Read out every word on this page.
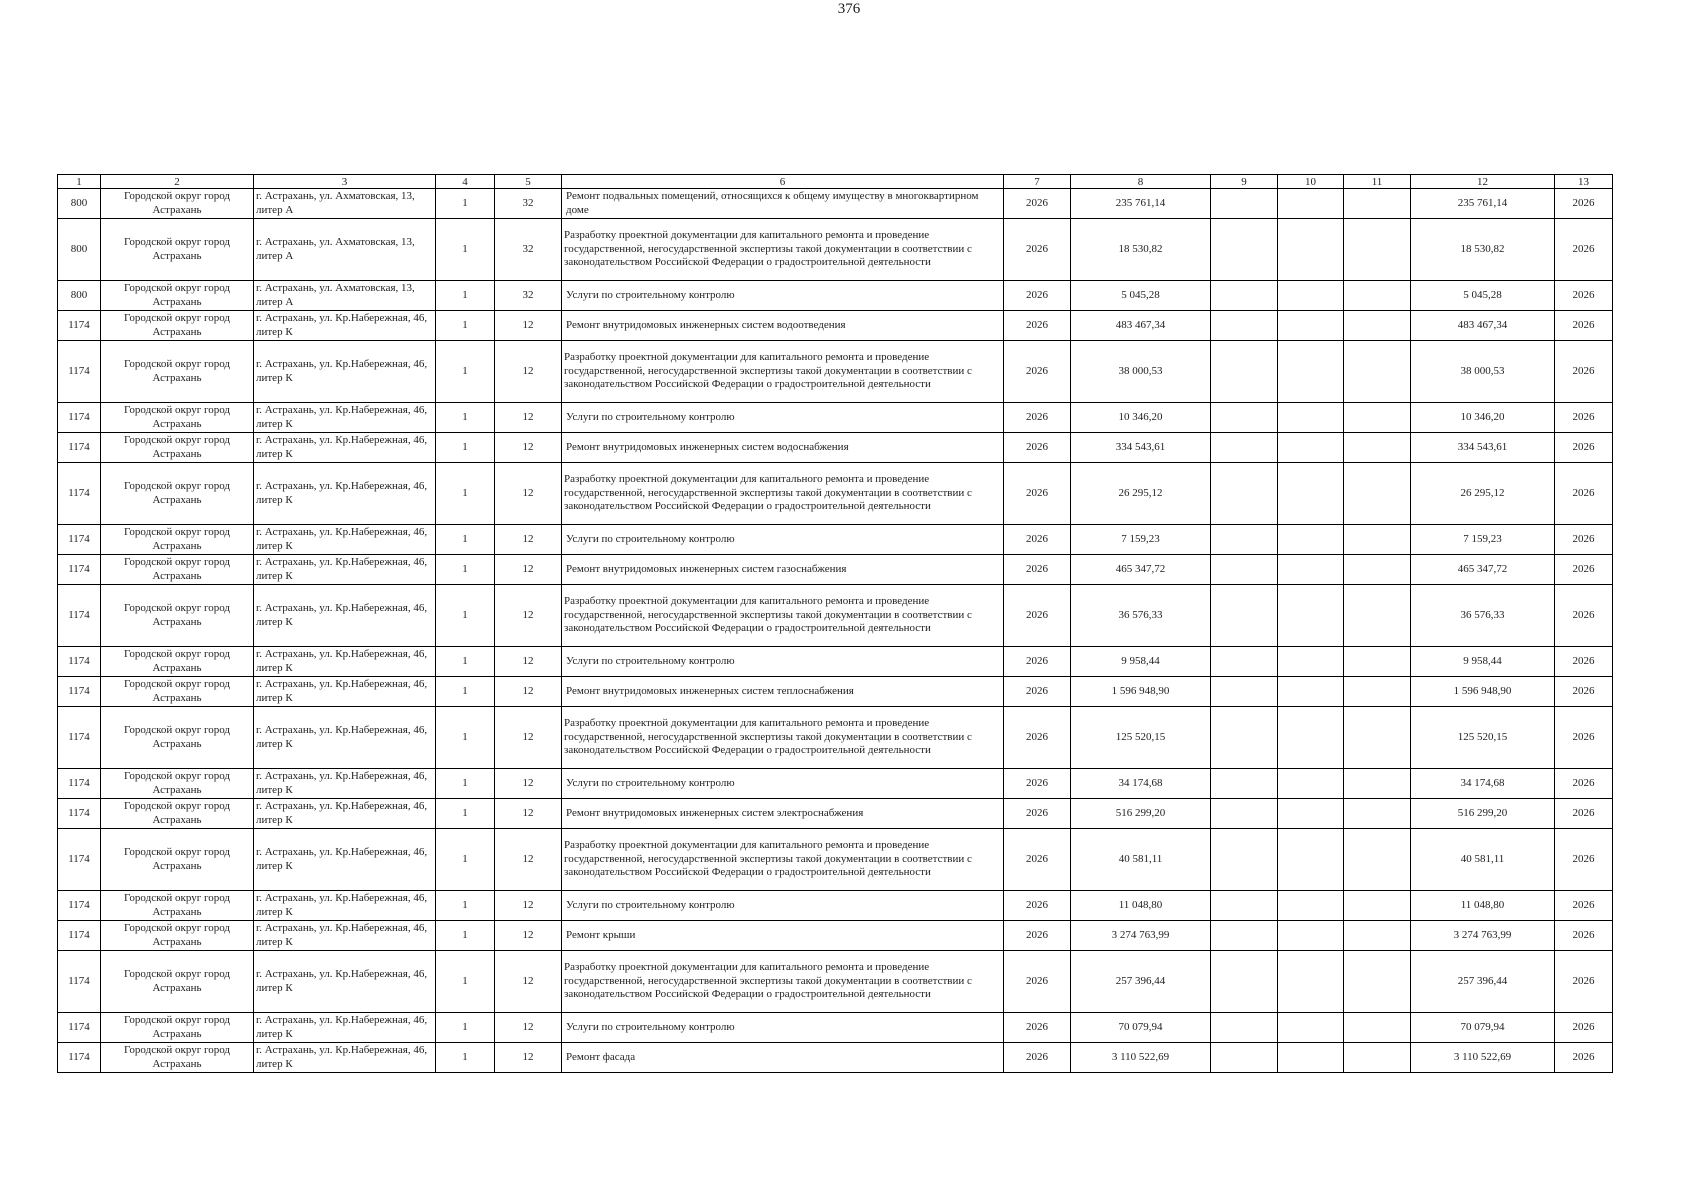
376
1	2	3	4	5	6	7	8	9	10	11	12	13
800	Городской округ город Астрахань	г. Астрахань, ул. Ахматовская, 13, литер А	1	32	Ремонт подвальных помещений, относящихся к общему имуществу в многоквартирном доме	2026	235 761,14				235 761,14	2026
800	Городской округ город Астрахань	г. Астрахань, ул. Ахматовская, 13, литер А	1	32	Разработку проектной документации для капитального ремонта и проведение государственной, негосударственной экспертизы такой документации в соответствии с законодательством Российской Федерации о градостроительной деятельности	2026	18 530,82				18 530,82	2026
800	Городской округ город Астрахань	г. Астрахань, ул. Ахматовская, 13, литер А	1	32	Услуги по строительному контролю	2026	5 045,28				5 045,28	2026
1174	Городской округ город Астрахань	г. Астрахань, ул. Кр.Набережная, 46, литер К	1	12	Ремонт внутридомовых инженерных систем водоотведения	2026	483 467,34				483 467,34	2026
1174	Городской округ город Астрахань	г. Астрахань, ул. Кр.Набережная, 46, литер К	1	12	Разработку проектной документации для капитального ремонта и проведение государственной, негосударственной экспертизы такой документации в соответствии с законодательством Российской Федерации о градостроительной деятельности	2026	38 000,53				38 000,53	2026
1174	Городской округ город Астрахань	г. Астрахань, ул. Кр.Набережная, 46, литер К	1	12	Услуги по строительному контролю	2026	10 346,20				10 346,20	2026
1174	Городской округ город Астрахань	г. Астрахань, ул. Кр.Набережная, 46, литер К	1	12	Ремонт внутридомовых инженерных систем водоснабжения	2026	334 543,61				334 543,61	2026
1174	Городской округ город Астрахань	г. Астрахань, ул. Кр.Набережная, 46, литер К	1	12	Разработку проектной документации для капитального ремонта и проведение государственной, негосударственной экспертизы такой документации в соответствии с законодательством Российской Федерации о градостроительной деятельности	2026	26 295,12				26 295,12	2026
1174	Городской округ город Астрахань	г. Астрахань, ул. Кр.Набережная, 46, литер К	1	12	Услуги по строительному контролю	2026	7 159,23				7 159,23	2026
1174	Городской округ город Астрахань	г. Астрахань, ул. Кр.Набережная, 46, литер К	1	12	Ремонт внутридомовых инженерных систем газоснабжения	2026	465 347,72				465 347,72	2026
1174	Городской округ город Астрахань	г. Астрахань, ул. Кр.Набережная, 46, литер К	1	12	Разработку проектной документации для капитального ремонта и проведение государственной, негосударственной экспертизы такой документации в соответствии с законодательством Российской Федерации о градостроительной деятельности	2026	36 576,33				36 576,33	2026
1174	Городской округ город Астрахань	г. Астрахань, ул. Кр.Набережная, 46, литер К	1	12	Услуги по строительному контролю	2026	9 958,44				9 958,44	2026
1174	Городской округ город Астрахань	г. Астрахань, ул. Кр.Набережная, 46, литер К	1	12	Ремонт внутридомовых инженерных систем теплоснабжения	2026	1 596 948,90				1 596 948,90	2026
1174	Городской округ город Астрахань	г. Астрахань, ул. Кр.Набережная, 46, литер К	1	12	Разработку проектной документации для капитального ремонта и проведение государственной, негосударственной экспертизы такой документации в соответствии с законодательством Российской Федерации о градостроительной деятельности	2026	125 520,15				125 520,15	2026
1174	Городской округ город Астрахань	г. Астрахань, ул. Кр.Набережная, 46, литер К	1	12	Услуги по строительному контролю	2026	34 174,68				34 174,68	2026
1174	Городской округ город Астрахань	г. Астрахань, ул. Кр.Набережная, 46, литер К	1	12	Ремонт внутридомовых инженерных систем электроснабжения	2026	516 299,20				516 299,20	2026
1174	Городской округ город Астрахань	г. Астрахань, ул. Кр.Набережная, 46, литер К	1	12	Разработку проектной документации для капитального ремонта и проведение государственной, негосударственной экспертизы такой документации в соответствии с законодательством Российской Федерации о градостроительной деятельности	2026	40 581,11				40 581,11	2026
1174	Городской округ город Астрахань	г. Астрахань, ул. Кр.Набережная, 46, литер К	1	12	Услуги по строительному контролю	2026	11 048,80				11 048,80	2026
1174	Городской округ город Астрахань	г. Астрахань, ул. Кр.Набережная, 46, литер К	1	12	Ремонт крыши	2026	3 274 763,99				3 274 763,99	2026
1174	Городской округ город Астрахань	г. Астрахань, ул. Кр.Набережная, 46, литер К	1	12	Разработку проектной документации для капитального ремонта и проведение государственной, негосударственной экспертизы такой документации в соответствии с законодательством Российской Федерации о градостроительной деятельности	2026	257 396,44				257 396,44	2026
1174	Городской округ город Астрахань	г. Астрахань, ул. Кр.Набережная, 46, литер К	1	12	Услуги по строительному контролю	2026	70 079,94				70 079,94	2026
1174	Городской округ город Астрахань	г. Астрахань, ул. Кр.Набережная, 46, литер К	1	12	Ремонт фасада	2026	3 110 522,69				3 110 522,69	2026
